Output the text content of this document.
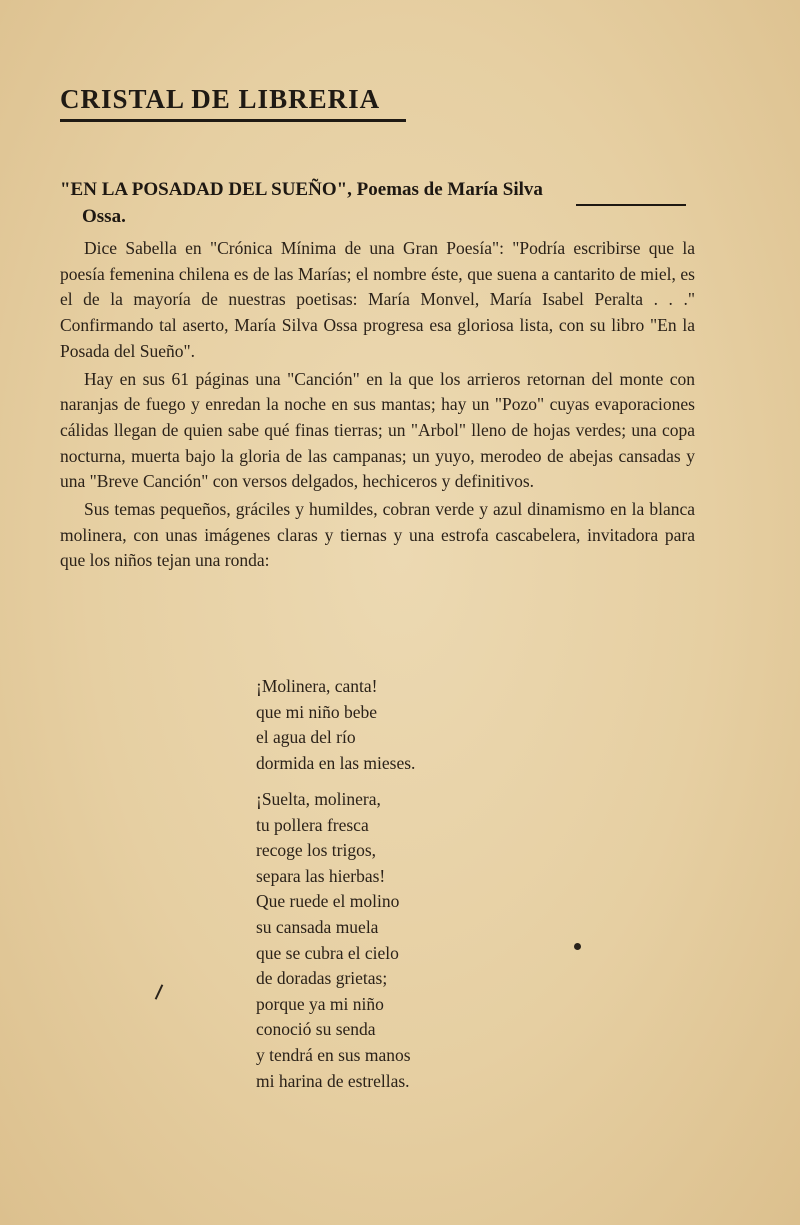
CRISTAL DE LIBRERIA
"EN LA POSADAD DEL SUEÑO", Poemas de María Silva
Ossa.

Dice Sabella en "Crónica Mínima de una Gran Poesía": "Podría escribirse que la poesía femenina chilena es de las Marías; el nombre éste, que suena a cantarito de miel, es el de la mayoría de nuestras poetisas: María Monvel, María Isabel Peralta . . ." Confirmando tal aserto, María Silva Ossa progresa esa gloriosa lista, con su libro "En la Posada del Sueño".

Hay en sus 61 páginas una "Canción" en la que los arrieros retornan del monte con naranjas de fuego y enredan la noche en sus mantas; hay un "Pozo" cuyas evaporaciones cálidas llegan de quien sabe qué finas tierras; un "Arbol" lleno de hojas verdes; una copa nocturna, muerta bajo la gloria de las campanas; un yuyo, merodeo de abejas cansadas y una "Breve Canción" con versos delgados, hechiceros y definitivos.

Sus temas pequeños, gráciles y humildes, cobran verde y azul dinamismo en la blanca molinera, con unas imágenes claras y tiernas y una estrofa cascabelera, invitadora para que los niños tejan una ronda:

¡Molinera, canta!
que mi niño bebe
el agua del río
dormida en las mieses.
¡Suelta, molinera,
tu pollera fresca
recoge los trigos,
separa las hierbas!
Que ruede el molino
su cansada muela
que se cubra el cielo
de doradas grietas;
porque ya mi niño
conoció su senda
y tendrá en sus manos
mi harina de estrellas.
